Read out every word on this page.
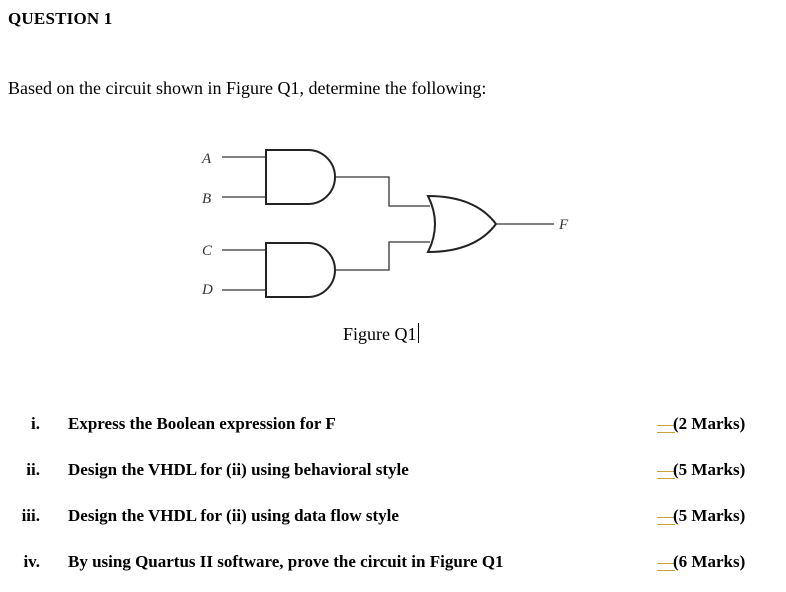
QUESTION 1
Based on the circuit shown in Figure Q1, determine the following:
A
B
C
D
F
Figure Q1
i. Express the Boolean expression for F	(2 Marks)
ii. Design the VHDL for (ii) using behavioral style	(5 Marks)
iii. Design the VHDL for (ii) using data flow style	(5 Marks)
iv. By using Quartus II software, prove the circuit in Figure Q1	(6 Marks)
